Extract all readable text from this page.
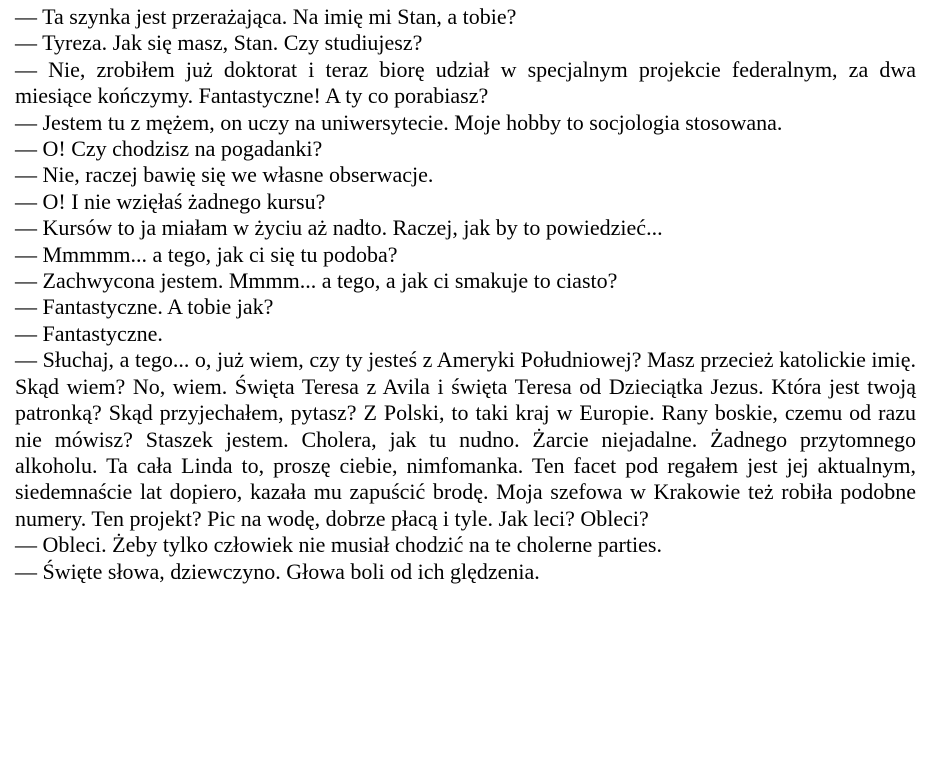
— Ta szynka jest przerażająca. Na imię mi Stan, a tobie?

— Tyreza. Jak się masz, Stan. Czy studiujesz?

— Nie, zrobiłem już doktorat i teraz biorę udział w specjalnym projekcie federalnym, za dwa miesiące kończymy. Fantastyczne! A ty co porabiasz?

— Jestem tu z mężem, on uczy na uniwersytecie. Moje hobby to socjologia stosowana.

— O! Czy chodzisz na pogadanki?

— Nie, raczej bawię się we własne obserwacje.

— O! I nie wzięłaś żadnego kursu?

— Kursów to ja miałam w życiu aż nadto. Raczej, jak by to powiedzieć...

— Mmmmm... a tego, jak ci się tu podoba?

— Zachwycona jestem. Mmmm... a tego, a jak ci smakuje to ciasto?

— Fantastyczne. A tobie jak?

— Fantastyczne.

— Słuchaj, a tego... o, już wiem, czy ty jesteś z Ameryki Południowej? Masz przecież katolickie imię. Skąd wiem? No, wiem. Święta Teresa z Avila i święta Teresa od Dzieciątka Jezus. Która jest twoją patronką? Skąd przyjechałem, pytasz? Z Polski, to taki kraj w Europie. Rany boskie, czemu od razu nie mówisz? Staszek jestem. Cholera, jak tu nudno. Żarcie niejadalne. Żadnego przytomnego alkoholu. Ta cała Linda to, proszę ciebie, nimfomanka. Ten facet pod regałem jest jej aktualnym, siedemnaście lat dopiero, kazała mu zapuścić brodę. Moja szefowa w Krakowie też robiła podobne numery. Ten projekt? Pic na wodę, dobrze płacą i tyle. Jak leci? Obleci?

— Obleci. Żeby tylko człowiek nie musiał chodzić na te cholerne parties.

— Święte słowa, dziewczyno. Głowa boli od ich ględzenia.
